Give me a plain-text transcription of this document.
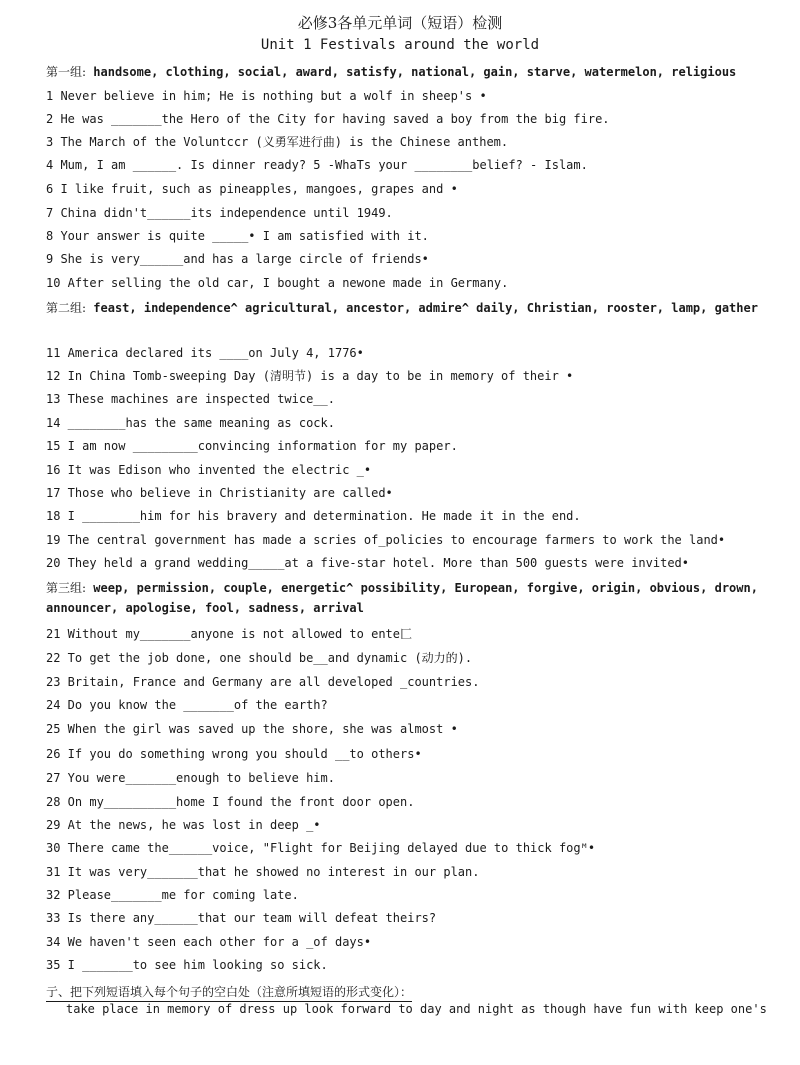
必修3各单元单词（短语）检测
Unit 1 Festivals around the world
第一组: handsome, clothing, social, award, satisfy, national, gain, starve, watermelon, religious
1 Never believe in him; He is nothing but a wolf in sheep's •
2 He was _______the Hero of the City for having saved a boy from the big fire.
3 The March of the Voluntccr (义勇军进行曲) is the Chinese anthem.
4 Mum, I am ______. Is dinner ready? 5 -WhaTs your ________belief? - Islam.
6 I like fruit, such as pineapples, mangoes, grapes and •
7 China didn't______its independence until 1949.
8 Your answer is quite _____• I am satisfied with it.
9 She is very______and has a large circle of friends•
10 After selling the old car, I bought a newone made in Germany.
第二组: feast, independence^ agricultural, ancestor, admire^ daily, Christian, rooster, lamp, gather
11 America declared its ____on July 4, 1776•
12 In China Tomb-sweeping Day (清明节) is a day to be in memory of their •
13 These machines are inspected twice__.
14 ________has the same meaning as cock.
15 I am now _________convincing information for my paper.
16 It was Edison who invented the electric _•
17 Those who believe in Christianity are called•
18 I ________him for his bravery and determination. He made it in the end.
19 The central government has made a scries of_policies to encourage farmers to work the land•
20 They held a grand wedding_____at a five-star hotel. More than 500 guests were invited•
第三组: weep, permission, couple, energetic^ possibility, European, forgive, origin, obvious, drown, announcer, apologise, fool, sadness, arrival
21 Without my_______anyone is not allowed to ente匚
22 To get the job done, one should be__and dynamic (动力的).
23 Britain, France and Germany are all developed _countries.
24 Do you know the _______of the earth?
25 When the girl was saved up the shore, she was almost •
26 If you do something wrong you should __to others•
27 You were_______enough to believe him.
28 On my__________home I found the front door open.
29 At the news, he was lost in deep _•
30 There came the______voice, "Flight for Beijing delayed due to thick fogᴹ•
31 It was very_______that he showed no interest in our plan.
32 Please_______me for coming late.
33 Is there any______that our team will defeat theirs?
34 We haven't seen each other for a _of days•
35 I _______to see him looking so sick.
亍、把下列短语填入每个句子的空白处（注意所填短语的形式变化）：
take place in memory of dress up look forward to day and night as though have fun with keep one's
